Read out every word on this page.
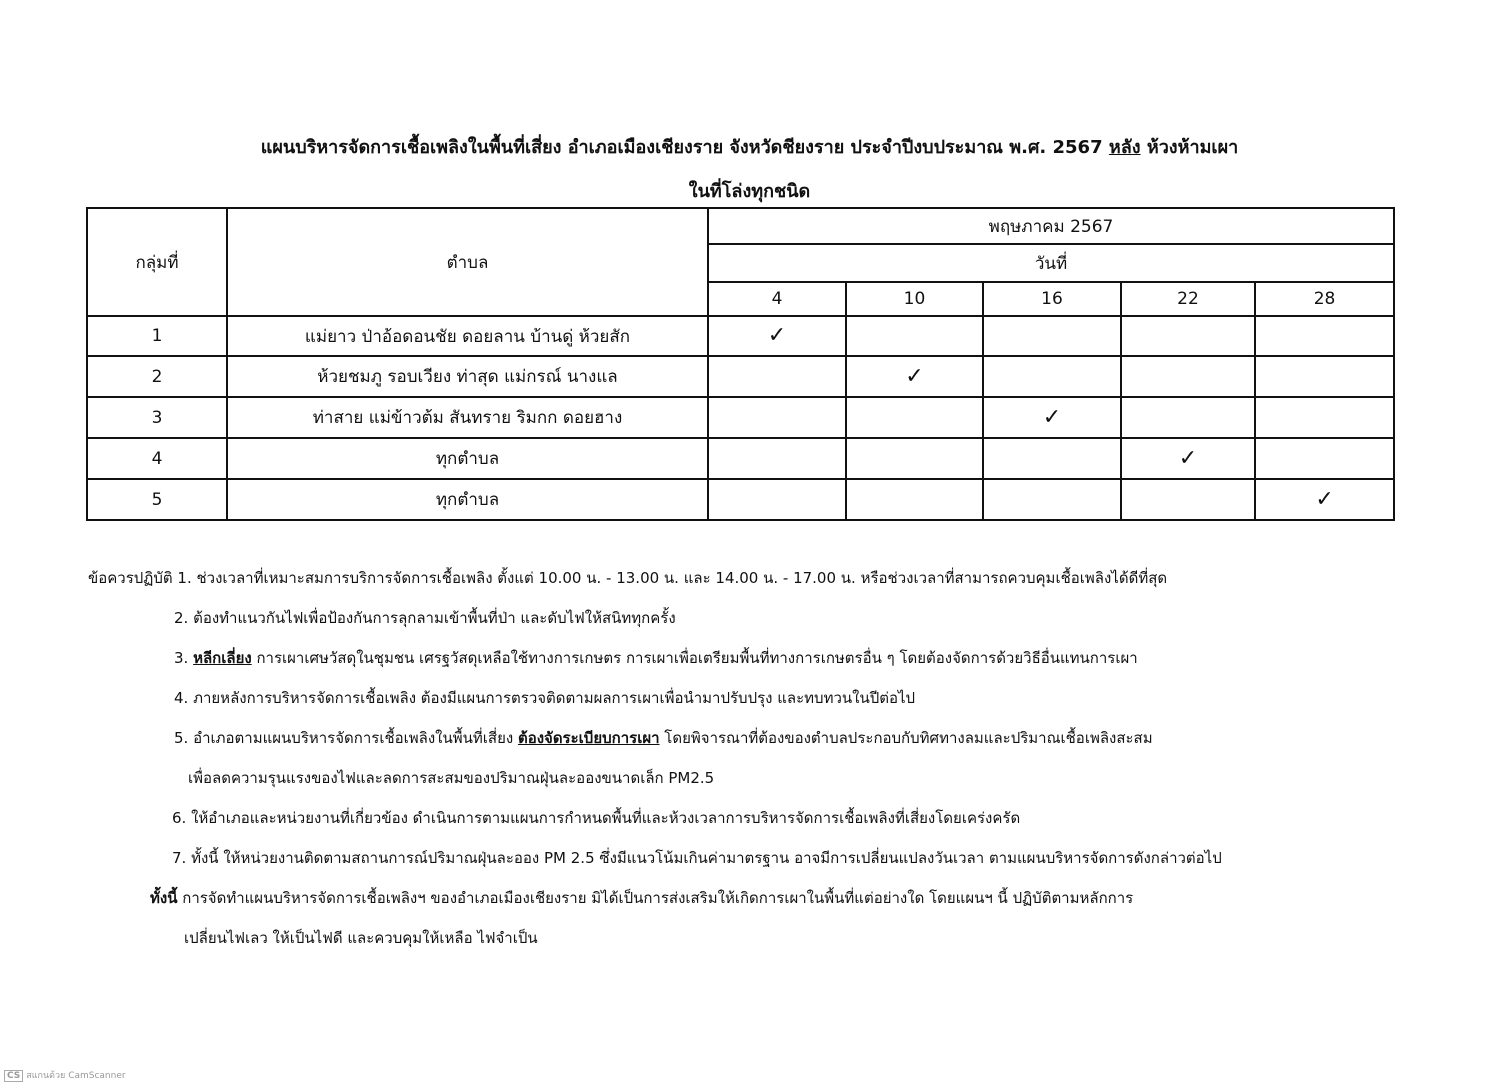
แผนบริหารจัดการเชื้อเพลิงในพื้นที่เสี่ยง อำเภอเมืองเชียงราย จังหวัดชียงราย ประจำปีงบประมาณ พ.ศ. 2567 หลัง ห้วงห้ามเผา
ในที่โล่งทุกชนิด
กลุ่มที่	ตำบล	พฤษภาคม 2567				
		วันที่				
		4	10	16	22	28
1	แม่ยาว ป่าอ้อดอนชัย ดอยลาน บ้านดู่ ห้วยสัก	✓				
2	ห้วยชมภู รอบเวียง ท่าสุด แม่กรณ์ นางแล		✓			
3	ท่าสาย แม่ข้าวต้ม สันทราย ริมกก ดอยฮาง			✓		
4	ทุกตำบล				✓	
5	ทุกตำบล					✓
ข้อควรปฏิบัติ 1. ช่วงเวลาที่เหมาะสมการบริการจัดการเชื้อเพลิง ตั้งแต่ 10.00 น. - 13.00 น. และ 14.00 น. - 17.00 น. หรือช่วงเวลาที่สามารถควบคุมเชื้อเพลิงได้ดีที่สุด
2. ต้องทำแนวกันไฟเพื่อป้องกันการลุกลามเข้าพื้นที่ป่า และดับไฟให้สนิททุกครั้ง
3. หลีกเลี่ยง การเผาเศษวัสดุในชุมชน เศรฐวัสดุเหลือใช้ทางการเกษตร การเผาเพื่อเตรียมพื้นที่ทางการเกษตรอื่น ๆ โดยต้องจัดการด้วยวิธีอื่นแทนการเผา
4. ภายหลังการบริหารจัดการเชื้อเพลิง ต้องมีแผนการตรวจติดตามผลการเผาเพื่อนำมาปรับปรุง และทบทวนในปีต่อไป
5. อำเภอตามแผนบริหารจัดการเชื้อเพลิงในพื้นที่เสี่ยง ต้องจัดระเบียบการเผา โดยพิจารณาที่ต้องของตำบลประกอบกับทิศทางลมและปริมาณเชื้อเพลิงสะสม
เพื่อลดความรุนแรงของไฟและลดการสะสมของปริมาณฝุ่นละอองขนาดเล็ก PM2.5
6. ให้อำเภอและหน่วยงานที่เกี่ยวข้อง ดำเนินการตามแผนการกำหนดพื้นที่และห้วงเวลาการบริหารจัดการเชื้อเพลิงที่เสี่ยงโดยเคร่งครัด
7. ทั้งนี้ ให้หน่วยงานติดตามสถานการณ์ปริมาณฝุ่นละออง PM 2.5 ซึ่งมีแนวโน้มเกินค่ามาตรฐาน อาจมีการเปลี่ยนแปลงวันเวลา ตามแผนบริหารจัดการดังกล่าวต่อไป
ทั้งนี้ การจัดทำแผนบริหารจัดการเชื้อเพลิงฯ ของอำเภอเมืองเชียงราย มิได้เป็นการส่งเสริมให้เกิดการเผาในพื้นที่แต่อย่างใด โดยแผนฯ นี้ ปฏิบัติตามหลักการ
เปลี่ยนไฟเลว ให้เป็นไฟดี และควบคุมให้เหลือ ไฟจำเป็น
CS สแกนด้วย CamScanner
